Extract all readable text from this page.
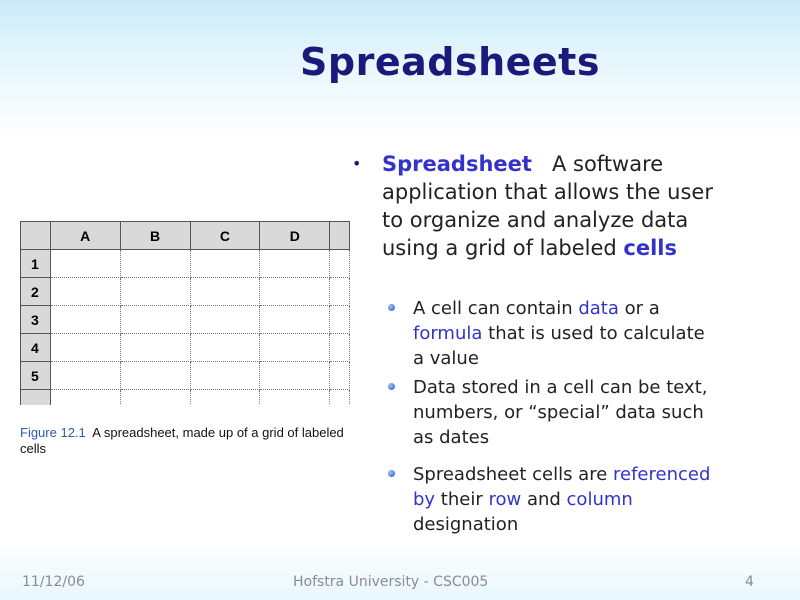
Spreadsheets
• Spreadsheet A software application that allows the user to organize and analyze data using a grid of labeled cells
A cell can contain data or a formula that is used to calculate a value
Data stored in a cell can be text, numbers, or “special” data such as dates
Spreadsheet cells are referenced by their row and column designation
	A	B	C	D	
1					
2					
3					
4					
5					

Figure 12.1 A spreadsheet, made up of a grid of labeled cells
11/12/06	Hofstra University - CSC005	4
